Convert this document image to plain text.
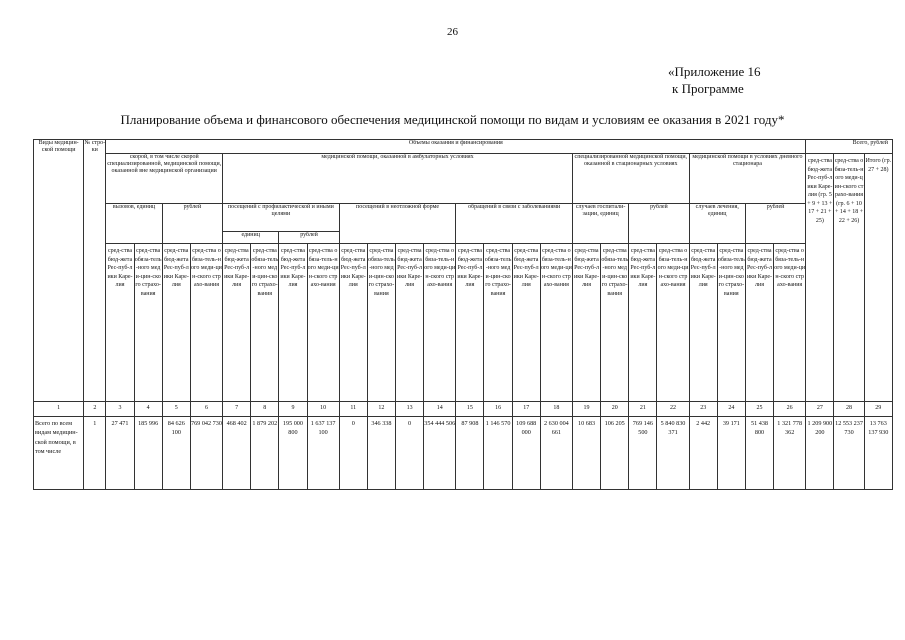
26
«Приложение 16
к Программе
Планирование объема и финансового обеспечения медицинской помощи по видам и условиям ее оказания в 2021 году*
Виды медицин-ской помощи	№ стро-ки	Объемы оказания и финансирования																								Всего, рублей		
		скорой, в том числе скорой специализированной, медицинской помощи, оказанной вне медицинской организации				медицинской помощи, оказанной в амбулаторных условиях												специализированной медицинской помощи, оказанной в стационарных условиях				медицинской помощи в условиях дневного стационара				сред-ства бюд-жета Рес-пуб-лики Каре-лия (гр. 5 + 9 + 13 + 17 + 21 + 25)	сред-ства обяза-тель-ного меди-цин-ского страхо-вания (гр. 6 + 10 + 14 + 18 + 22 + 26)	Итого (гр. 27 + 28)
		вызовов, единиц		рублей		посещений с профилактической и иными целями				посещений в неотложной форме				обращений в связи с заболеваниями				случаев госпитали-зации, единиц		рублей		случаев лечения, единиц		рублей				
						единиц		рублей																				
		сред-ства бюд-жета Рес-пуб-лики Каре-лия	сред-ства обяза-тель-ного меди-цин-ского страхо-вания	сред-ства бюд-жета Рес-пуб-лики Каре-лия	сред-ства обяза-тель-ного меди-цин-ского страхо-вания	сред-ства бюд-жета Рес-пуб-лики Каре-лия	сред-ства обяза-тель-ного меди-цин-ского страхо-вания	сред-ства бюд-жета Рес-пуб-лики Каре-лия	сред-ства обяза-тель-ного меди-цин-ского страхо-вания	сред-ства бюд-жета Рес-пуб-лики Каре-лия	сред-ства обяза-тель-ного меди-цин-ского страхо-вания	сред-ства бюд-жета Рес-пуб-лики Каре-лия	сред-ства обяза-тель-ного меди-цин-ского страхо-вания	сред-ства бюд-жета Рес-пуб-лики Каре-лия	сред-ства обяза-тель-ного меди-цин-ского страхо-вания	сред-ства бюд-жета Рес-пуб-лики Каре-лия	сред-ства обяза-тель-ного меди-цин-ского страхо-вания	сред-ства бюд-жета Рес-пуб-лики Каре-лия	сред-ства обяза-тель-ного меди-цин-ского страхо-вания	сред-ства бюд-жета Рес-пуб-лики Каре-лия	сред-ства обяза-тель-ного меди-цин-ского страхо-вания	сред-ства бюд-жета Рес-пуб-лики Каре-лия	сред-ства обяза-тель-ного меди-цин-ского страхо-вания	сред-ства бюд-жета Рес-пуб-лики Каре-лия	сред-ства обяза-тель-ного меди-цин-ского страхо-вания			
1	2	3	4	5	6	7	8	9	10	11	12	13	14	15	16	17	18	19	20	21	22	23	24	25	26	27	28	29
Всего по всем видам медицин-ской помощи, в том числе	1	27 471	185 996	84 626 100	769 042 730	468 402	1 879 202	195 000 800	1 637 137 100	0	346 338	0	354 444 506	87 908	1 146 570	109 688 000	2 630 004 661	10 683	106 205	769 146 500	5 840 830 371	2 442	39 171	51 438 800	1 321 778 362	1 209 900 200	12 553 237 730	13 763 137 930
